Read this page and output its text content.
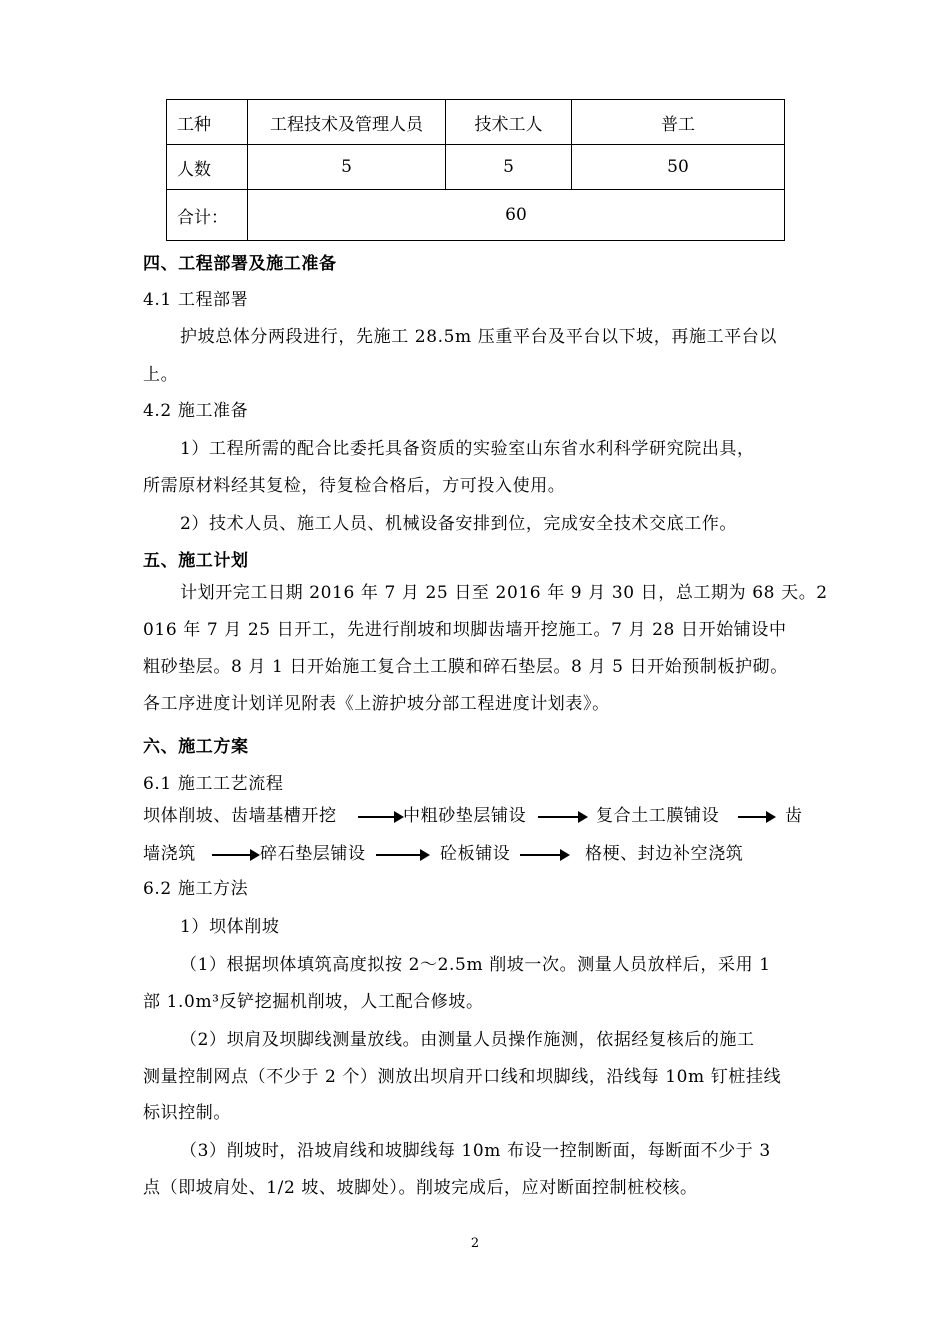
工种	工程技术及管理人员	技术工人	普工
人数	5	5	50
合计：	60		
四、工程部署及施工准备
4.1 工程部署
护坡总体分两段进行，先施工 28.5m 压重平台及平台以下坡，再施工平台以
上。
4.2 施工准备
1）工程所需的配合比委托具备资质的实验室山东省水利科学研究院出具，
所需原材料经其复检，待复检合格后，方可投入使用。
2）技术人员、施工人员、机械设备安排到位，完成安全技术交底工作。
五、施工计划
计划开完工日期 2016 年 7 月 25 日至 2016 年 9 月 30 日，总工期为 68 天。2
016 年 7 月 25 日开工，先进行削坡和坝脚齿墙开挖施工。7 月 28 日开始铺设中
粗砂垫层。8 月 1 日开始施工复合土工膜和碎石垫层。8 月 5 日开始预制板护砌。
各工序进度计划详见附表《上游护坡分部工程进度计划表》。
六、施工方案
6.1 施工工艺流程
坝体削坡、齿墙基槽开挖	中粗砂垫层铺设	复合土工膜铺设	齿
墙浇筑	碎石垫层铺设	砼板铺设	格梗、封边补空浇筑
6.2 施工方法
1）坝体削坡
（1）根据坝体填筑高度拟按 2～2.5m 削坡一次。测量人员放样后，采用 1
部 1.0m³反铲挖掘机削坡，人工配合修坡。
（2）坝肩及坝脚线测量放线。由测量人员操作施测，依据经复核后的施工
测量控制网点（不少于 2 个）测放出坝肩开口线和坝脚线，沿线每 10m 钉桩挂线
标识控制。
（3）削坡时，沿坡肩线和坡脚线每 10m 布设一控制断面，每断面不少于 3
点（即坡肩处、1/2 坡、坡脚处）。削坡完成后，应对断面控制桩校核。
2
